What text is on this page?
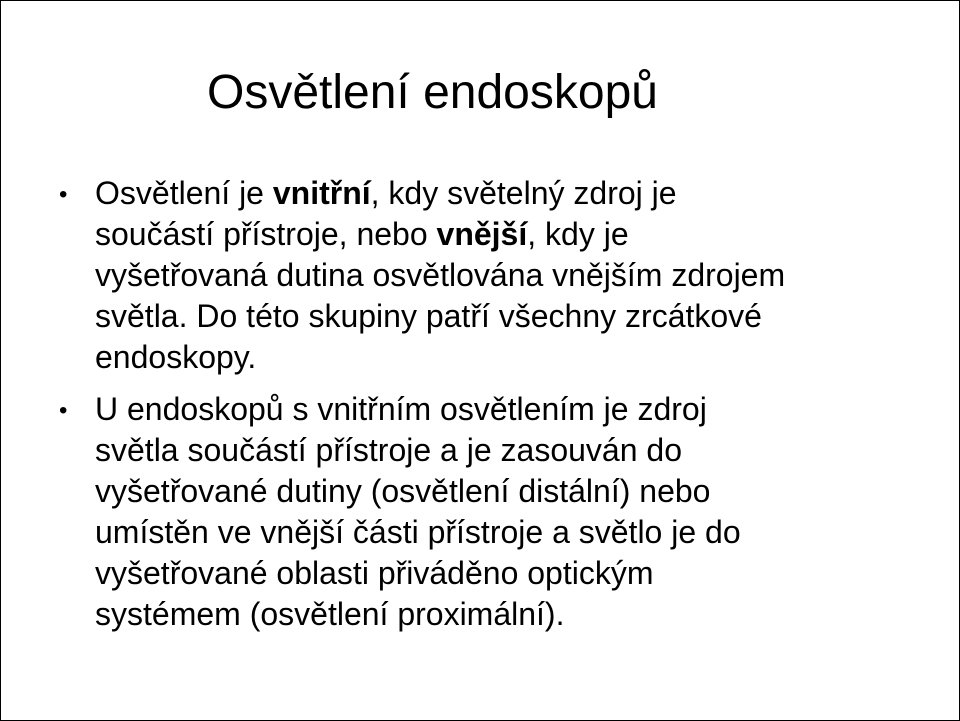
Osvětlení endoskopů
• Osvětlení je vnitřní, kdy světelný zdroj je
součástí přístroje, nebo vnější, kdy je
vyšetřovaná dutina osvětlována vnějším zdrojem
světla. Do této skupiny patří všechny zrcátkové
endoskopy.
• U endoskopů s vnitřním osvětlením je zdroj
světla součástí přístroje a je zasouván do
vyšetřované dutiny (osvětlení distální) nebo
umístěn ve vnější části přístroje a světlo je do
vyšetřované oblasti přiváděno optickým
systémem (osvětlení proximální).
